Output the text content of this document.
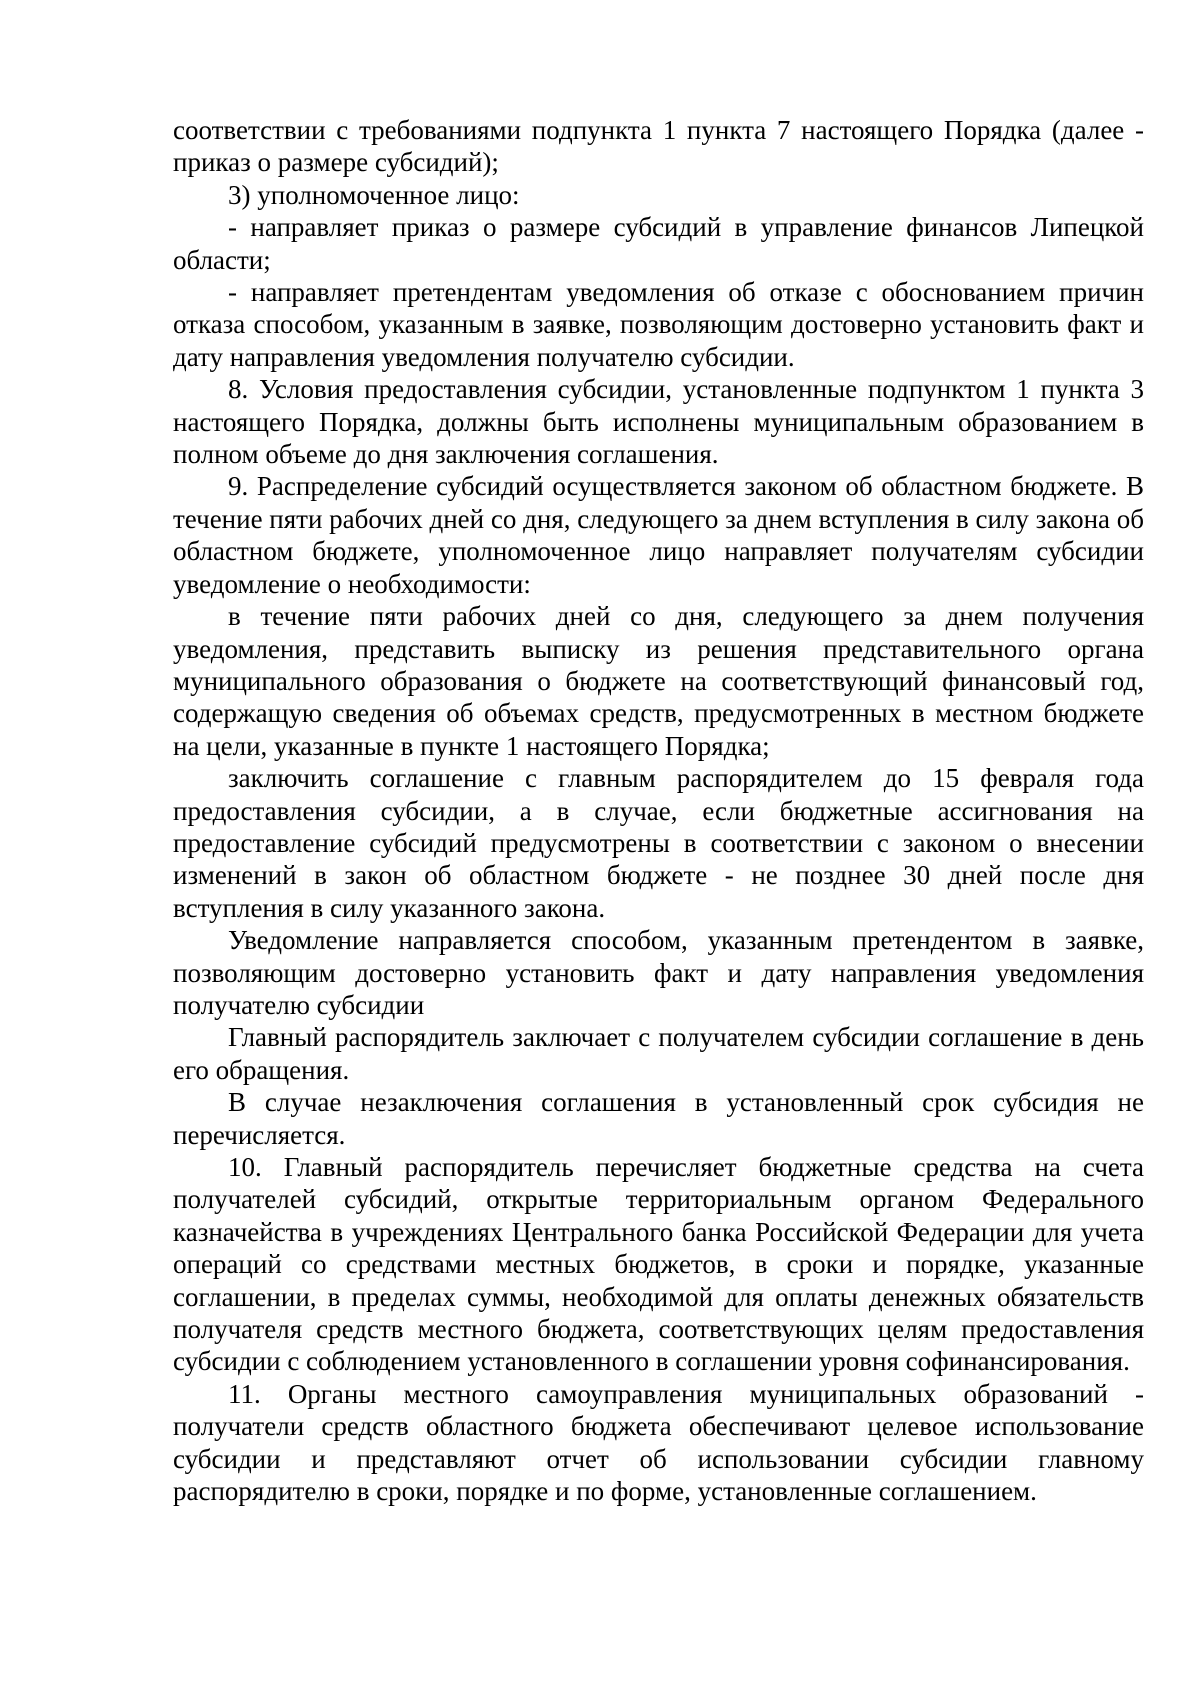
соответствии с требованиями подпункта 1 пункта 7 настоящего Порядка (далее - приказ о размере субсидий);

3) уполномоченное лицо:

- направляет приказ о размере субсидий в управление финансов Липецкой области;

- направляет претендентам уведомления об отказе с обоснованием причин отказа способом, указанным в заявке, позволяющим достоверно установить факт и дату направления уведомления получателю субсидии.

8. Условия предоставления субсидии, установленные подпунктом 1 пункта 3 настоящего Порядка, должны быть исполнены муниципальным образованием в полном объеме до дня заключения соглашения.

9. Распределение субсидий осуществляется законом об областном бюджете. В течение пяти рабочих дней со дня, следующего за днем вступления в силу закона об областном бюджете, уполномоченное лицо направляет получателям субсидии уведомление о необходимости:

в течение пяти рабочих дней со дня, следующего за днем получения уведомления, представить выписку из решения представительного органа муниципального образования о бюджете на соответствующий финансовый год, содержащую сведения об объемах средств, предусмотренных в местном бюджете на цели, указанные в пункте 1 настоящего Порядка;

заключить соглашение с главным распорядителем до 15 февраля года предоставления субсидии, а в случае, если бюджетные ассигнования на предоставление субсидий предусмотрены в соответствии с законом о внесении изменений в закон об областном бюджете - не позднее 30 дней после дня вступления в силу указанного закона.

Уведомление направляется способом, указанным претендентом в заявке, позволяющим достоверно установить факт и дату направления уведомления получателю субсидии

Главный распорядитель заключает с получателем субсидии соглашение в день его обращения.

В случае незаключения соглашения в установленный срок субсидия не перечисляется.

10. Главный распорядитель перечисляет бюджетные средства на счета получателей субсидий, открытые территориальным органом Федерального казначейства в учреждениях Центрального банка Российской Федерации для учета операций со средствами местных бюджетов, в сроки и порядке, указанные соглашении, в пределах суммы, необходимой для оплаты денежных обязательств получателя средств местного бюджета, соответствующих целям предоставления субсидии с соблюдением установленного в соглашении уровня софинансирования.

11. Органы местного самоуправления муниципальных образований - получатели средств областного бюджета обеспечивают целевое использование субсидии и представляют отчет об использовании субсидии главному распорядителю в сроки, порядке и по форме, установленные соглашением.
